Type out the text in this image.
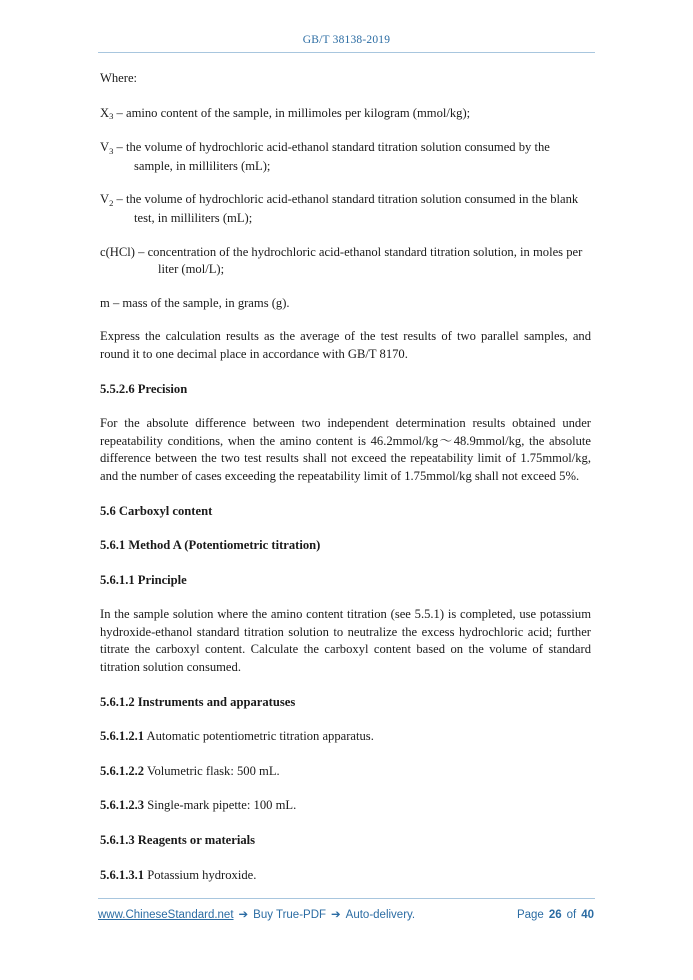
GB/T 38138-2019

Where:

$X_3$ – amino content of the sample, in millimoles per kilogram (mmol/kg);

$V_3$ – the volume of hydrochloric acid-ethanol standard titration solution consumed by the sample, in milliliters (mL);

$V_2$ – the volume of hydrochloric acid-ethanol standard titration solution consumed in the blank test, in milliliters (mL);

c(HCl) – concentration of the hydrochloric acid-ethanol standard titration solution, in moles per liter (mol/L);

m – mass of the sample, in grams (g).

Express the calculation results as the average of the test results of two parallel samples, and round it to one decimal place in accordance with GB/T 8170.

5.5.2.6 Precision

For the absolute difference between two independent determination results obtained under repeatability conditions, when the amino content is 46.2mmol/kg～48.9mmol/kg, the absolute difference between the two test results shall not exceed the repeatability limit of 1.75mmol/kg, and the number of cases exceeding the repeatability limit of 1.75mmol/kg shall not exceed 5%.

5.6 Carboxyl content

5.6.1 Method A (Potentiometric titration)

5.6.1.1 Principle

In the sample solution where the amino content titration (see 5.5.1) is completed, use potassium hydroxide-ethanol standard titration solution to neutralize the excess hydrochloric acid; further titrate the carboxyl content. Calculate the carboxyl content based on the volume of standard titration solution consumed.

5.6.1.2 Instruments and apparatuses

5.6.1.2.1 Automatic potentiometric titration apparatus.

5.6.1.2.2 Volumetric flask: 500 mL.

5.6.1.2.3 Single-mark pipette: 100 mL.

5.6.1.3 Reagents or materials

5.6.1.3.1 Potassium hydroxide.

www.ChineseStandard.net ➔ Buy True-PDF ➔ Auto-delivery.	Page 26 of 40
